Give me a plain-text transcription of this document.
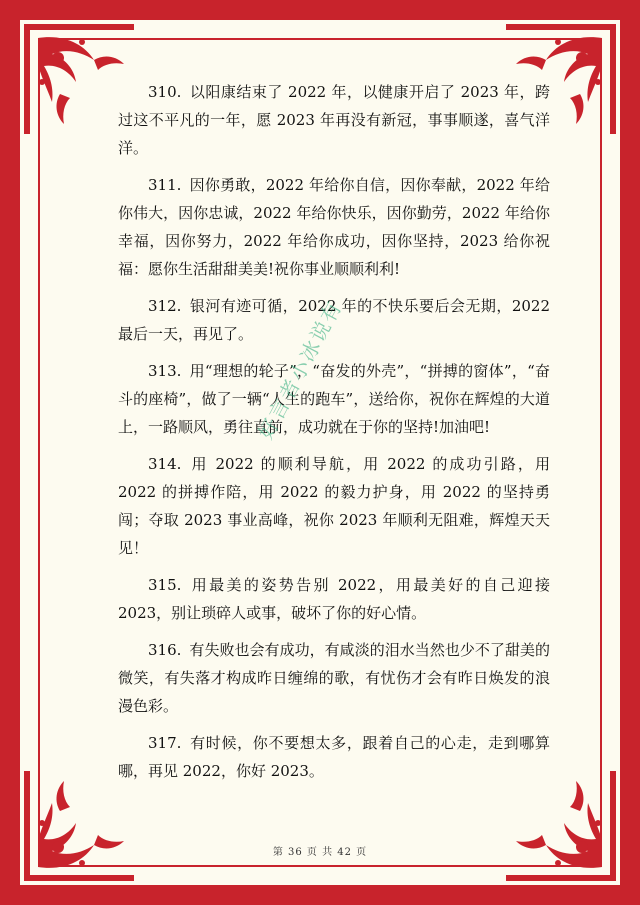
310. 以阳康结束了 2022 年，以健康开启了 2023 年，跨过这不平凡的一年，愿 2023 年再没有新冠，事事顺遂，喜气洋洋。

311. 因你勇敢，2022 年给你自信，因你奉献，2022 年给你伟大，因你忠诚，2022 年给你快乐，因你勤劳，2022 年给你幸福，因你努力，2022 年给你成功，因你坚持，2023 给你祝福：愿你生活甜甜美美!祝你事业顺顺利利!

312. 银河有迹可循，2022 年的不快乐要后会无期，2022 最后一天，再见了。

313. 用“理想的轮子”，“奋发的外壳”，“拼搏的窗体”，“奋斗的座椅”，做了一辆“人生的跑车”，送给你，祝你在辉煌的大道上，一路顺风，勇往直前，成功就在于你的坚持!加油吧!

314. 用 2022 的顺利导航，用 2022 的成功引路，用 2022 的拼搏作陪，用 2022 的毅力护身，用 2022 的坚持勇闯；夺取 2023 事业高峰，祝你 2023 年顺利无阻难，辉煌天天见！

315. 用最美的姿势告别 2022，用最美好的自己迎接 2023，别让琐碎人或事，破坏了你的好心情。

316. 有失败也会有成功，有咸淡的泪水当然也少不了甜美的微笑，有失落才构成昨日缠绵的歌，有忧伤才会有昨日焕发的浪漫色彩。

317. 有时候，你不要想太多，跟着自己的心走，走到哪算哪，再见 2022，你好 2023。

好言者小冰说有
第 36 页 共 42 页
